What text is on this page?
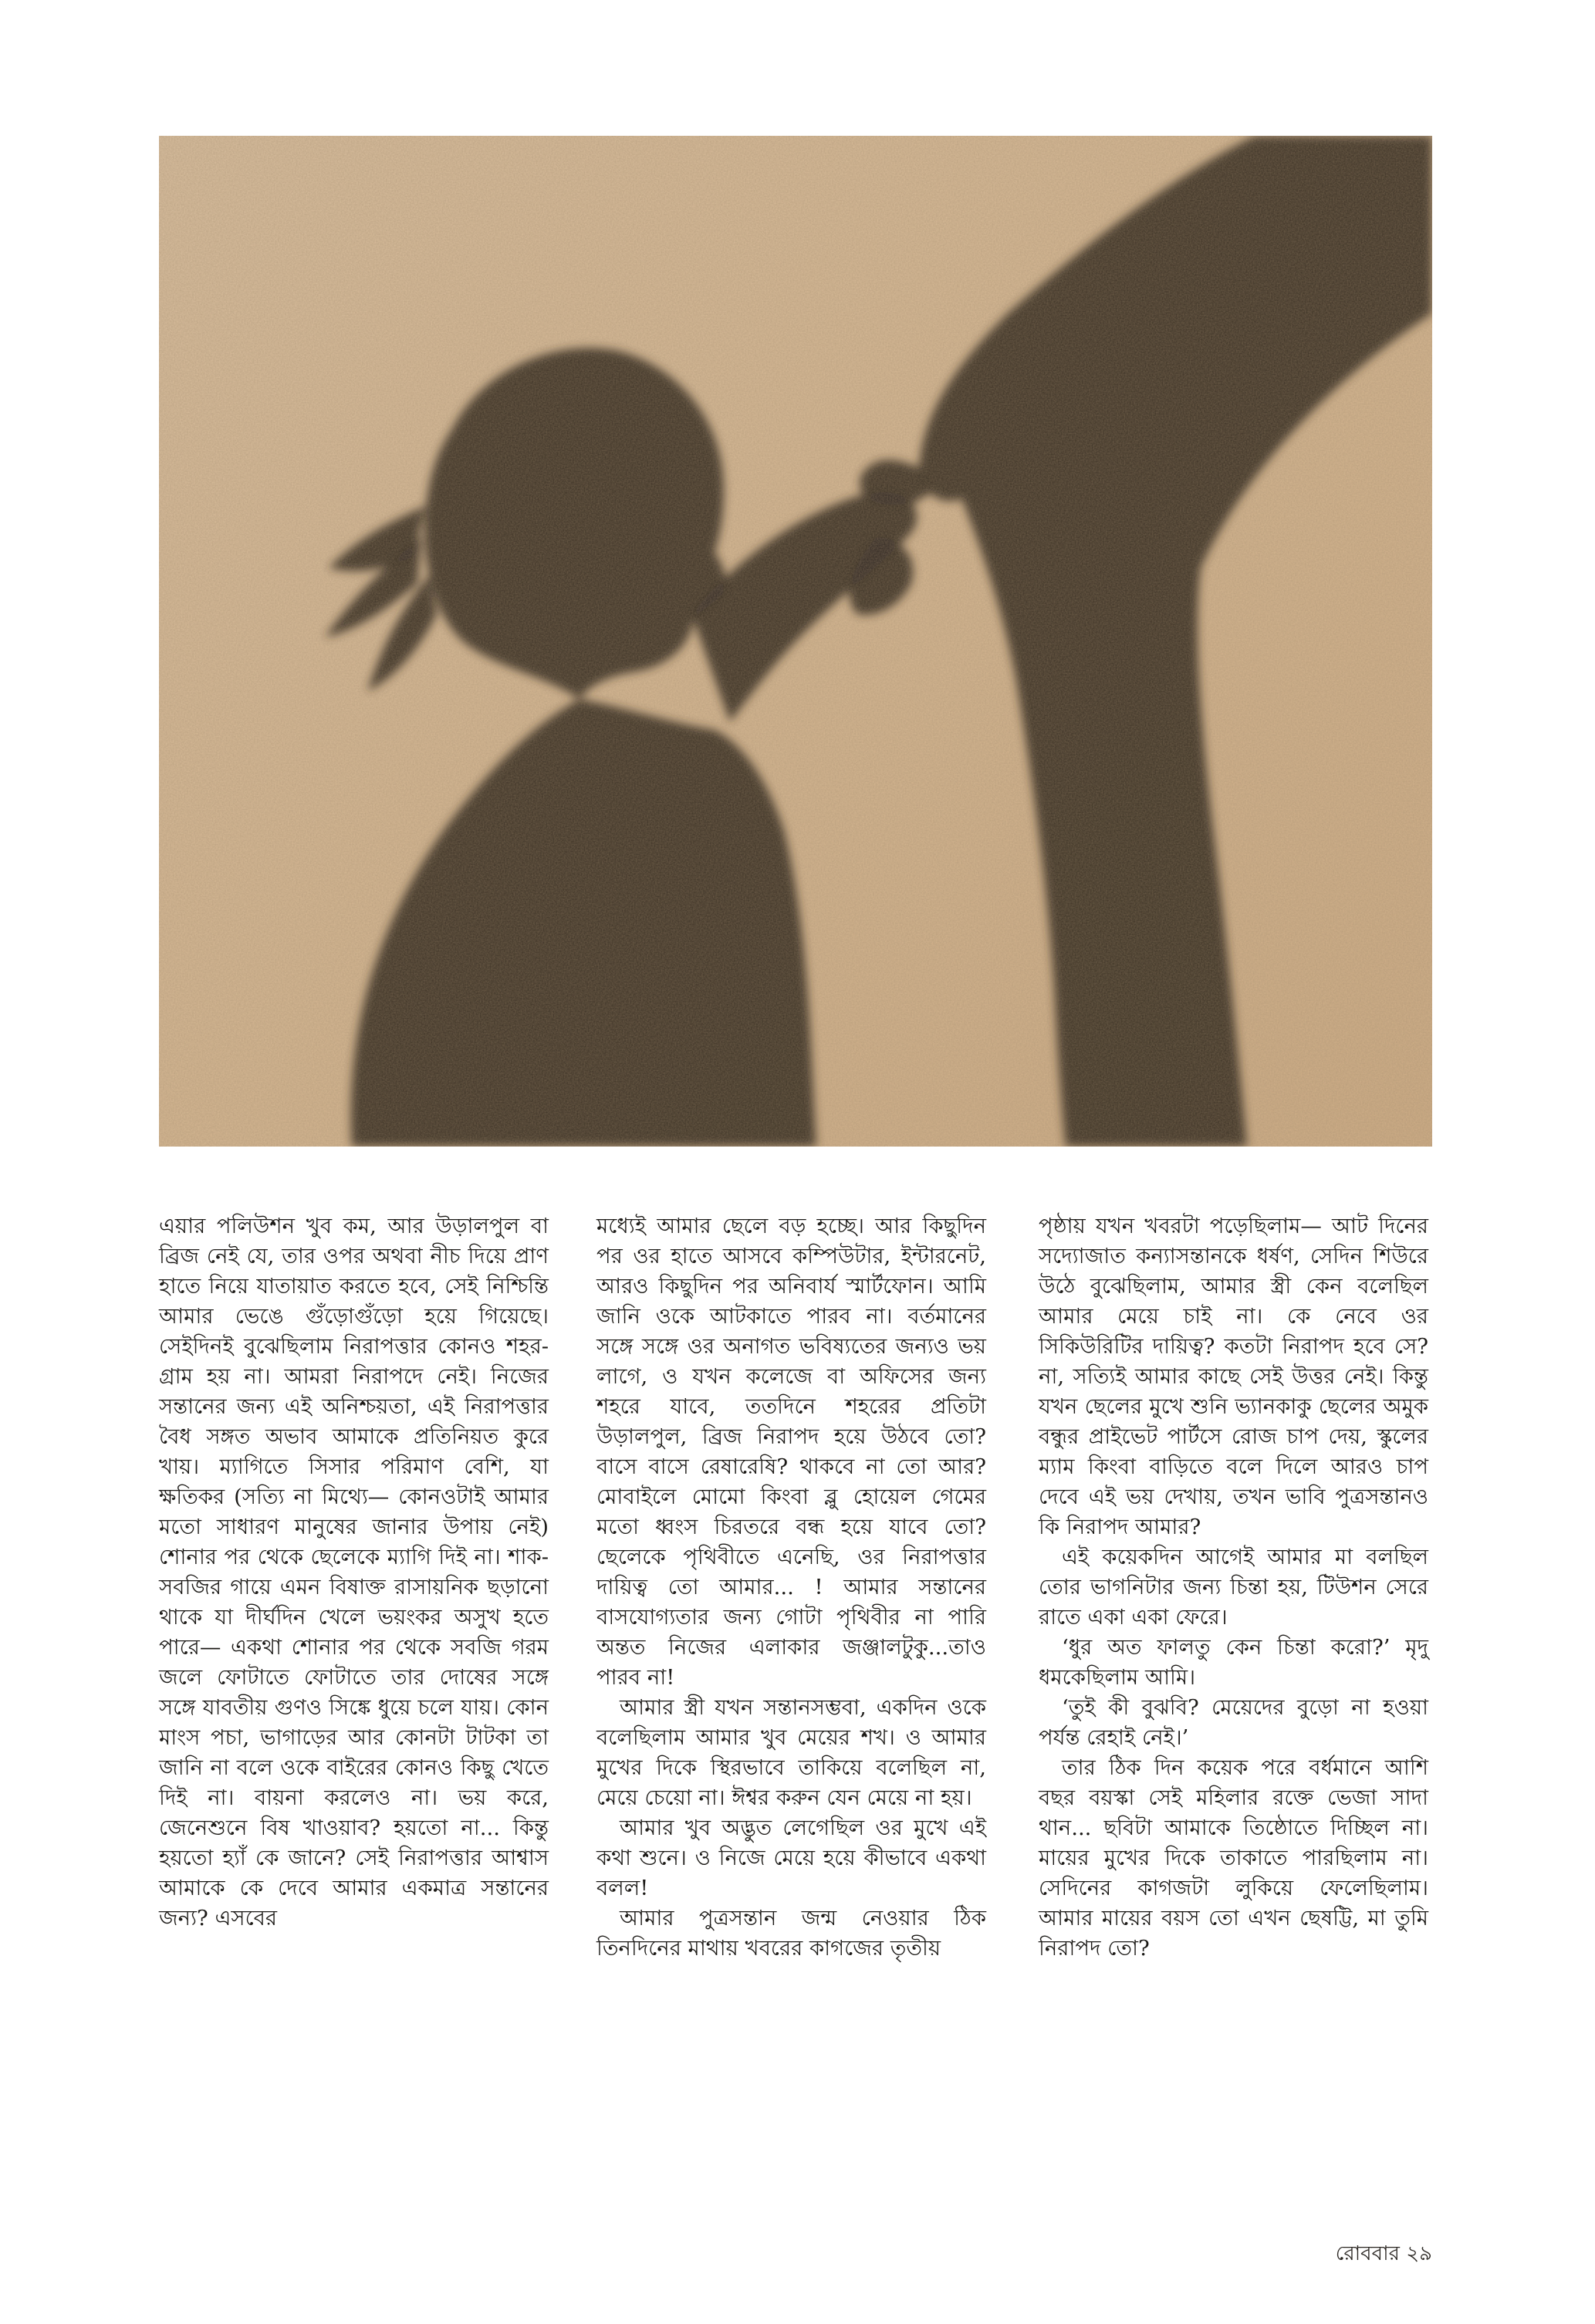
এয়ার পলিউশন খুব কম, আর উড়ালপুল বা ব্রিজ নেই যে, তার ওপর অথবা নীচ দিয়ে প্রাণ হাতে নিয়ে যাতায়াত করতে হবে, সেই নিশ্চিন্তি আমার ভেঙে গুঁড়োগুঁড়ো হয়ে গিয়েছে। সেইদিনই বুঝেছিলাম নিরাপত্তার কোনও শহর-গ্রাম হয় না। আমরা নিরাপদে নেই। নিজের সন্তানের জন্য এই অনিশ্চয়তা, এই নিরাপত্তার বৈধ সঙ্গত অভাব আমাকে প্রতিনিয়ত কুরে খায়। ম্যাগিতে সিসার পরিমাণ বেশি, যা ক্ষতিকর (সত্যি না মিথ্যে— কোনওটাই আমার মতো সাধারণ মানুষের জানার উপায় নেই) শোনার পর থেকে ছেলেকে ম্যাগি দিই না। শাক-সবজির গায়ে এমন বিষাক্ত রাসায়নিক ছড়ানো থাকে যা দীর্ঘদিন খেলে ভয়ংকর অসুখ হতে পারে— একথা শোনার পর থেকে সবজি গরম জলে ফোটাতে ফোটাতে তার দোষের সঙ্গে সঙ্গে যাবতীয় গুণও সিঙ্কে ধুয়ে চলে যায়। কোন মাংস পচা, ভাগাড়ের আর কোনটা টাটকা তা জানি না বলে ওকে বাইরের কোনও কিছু খেতে দিই না। বায়না করলেও না। ভয় করে, জেনেশুনে বিষ খাওয়াব? হয়তো না... কিন্তু হয়তো হ্যাঁ কে জানে? সেই নিরাপত্তার আশ্বাস আমাকে কে দেবে আমার একমাত্র সন্তানের জন্য? এসবের

মধ্যেই আমার ছেলে বড় হচ্ছে। আর কিছুদিন পর ওর হাতে আসবে কম্পিউটার, ইন্টারনেট, আরও কিছুদিন পর অনিবার্য স্মার্টফোন। আমি জানি ওকে আটকাতে পারব না। বর্তমানের সঙ্গে সঙ্গে ওর অনাগত ভবিষ্যতের জন্যও ভয় লাগে, ও যখন কলেজে বা অফিসের জন্য শহরে যাবে, ততদিনে শহরের প্রতিটা উড়ালপুল, ব্রিজ নিরাপদ হয়ে উঠবে তো? বাসে বাসে রেষারেষি? থাকবে না তো আর? মোবাইলে মোমো কিংবা ব্লু হোয়েল গেমের মতো ধ্বংস চিরতরে বন্ধ হয়ে যাবে তো? ছেলেকে পৃথিবীতে এনেছি, ওর নিরাপত্তার দায়িত্ব তো আমার... ! আমার সন্তানের বাসযোগ্যতার জন্য গোটা পৃথিবীর না পারি অন্তত নিজের এলাকার জঞ্জালটুকু...তাও পারব না!

আমার স্ত্রী যখন সন্তানসম্ভবা, একদিন ওকে বলেছিলাম আমার খুব মেয়ের শখ। ও আমার মুখের দিকে স্থিরভাবে তাকিয়ে বলেছিল না, মেয়ে চেয়ো না। ঈশ্বর করুন যেন মেয়ে না হয়।

আমার খুব অদ্ভুত লেগেছিল ওর মুখে এই কথা শুনে। ও নিজে মেয়ে হয়ে কীভাবে একথা বলল!

আমার পুত্রসন্তান জন্ম নেওয়ার ঠিক তিনদিনের মাথায় খবরের কাগজের তৃতীয়

পৃষ্ঠায় যখন খবরটা পড়েছিলাম— আট দিনের সদ্যোজাত কন্যাসন্তানকে ধর্ষণ, সেদিন শিউরে উঠে বুঝেছিলাম, আমার স্ত্রী কেন বলেছিল আমার মেয়ে চাই না। কে নেবে ওর সিকিউরিটির দায়িত্ব? কতটা নিরাপদ হবে সে? না, সত্যিই আমার কাছে সেই উত্তর নেই। কিন্তু যখন ছেলের মুখে শুনি ভ্যানকাকু ছেলের অমুক বন্ধুর প্রাইভেট পার্টসে রোজ চাপ দেয়, স্কুলের ম্যাম কিংবা বাড়িতে বলে দিলে আরও চাপ দেবে এই ভয় দেখায়, তখন ভাবি পুত্রসন্তানও কি নিরাপদ আমার?

এই কয়েকদিন আগেই আমার মা বলছিল তোর ভাগনিটার জন্য চিন্তা হয়, টিউশন সেরে রাতে একা একা ফেরে।

‘ধুর অত ফালতু কেন চিন্তা করো?’ মৃদু ধমকেছিলাম আমি।

‘তুই কী বুঝবি? মেয়েদের বুড়ো না হওয়া পর্যন্ত রেহাই নেই।’

তার ঠিক দিন কয়েক পরে বর্ধমানে আশি বছর বয়স্কা সেই মহিলার রক্তে ভেজা সাদা থান... ছবিটা আমাকে তিষ্ঠোতে দিচ্ছিল না। মায়ের মুখের দিকে তাকাতে পারছিলাম না। সেদিনের কাগজটা লুকিয়ে ফেলেছিলাম। আমার মায়ের বয়স তো এখন ছেষট্টি, মা তুমি নিরাপদ তো?

রোববার ২৯
